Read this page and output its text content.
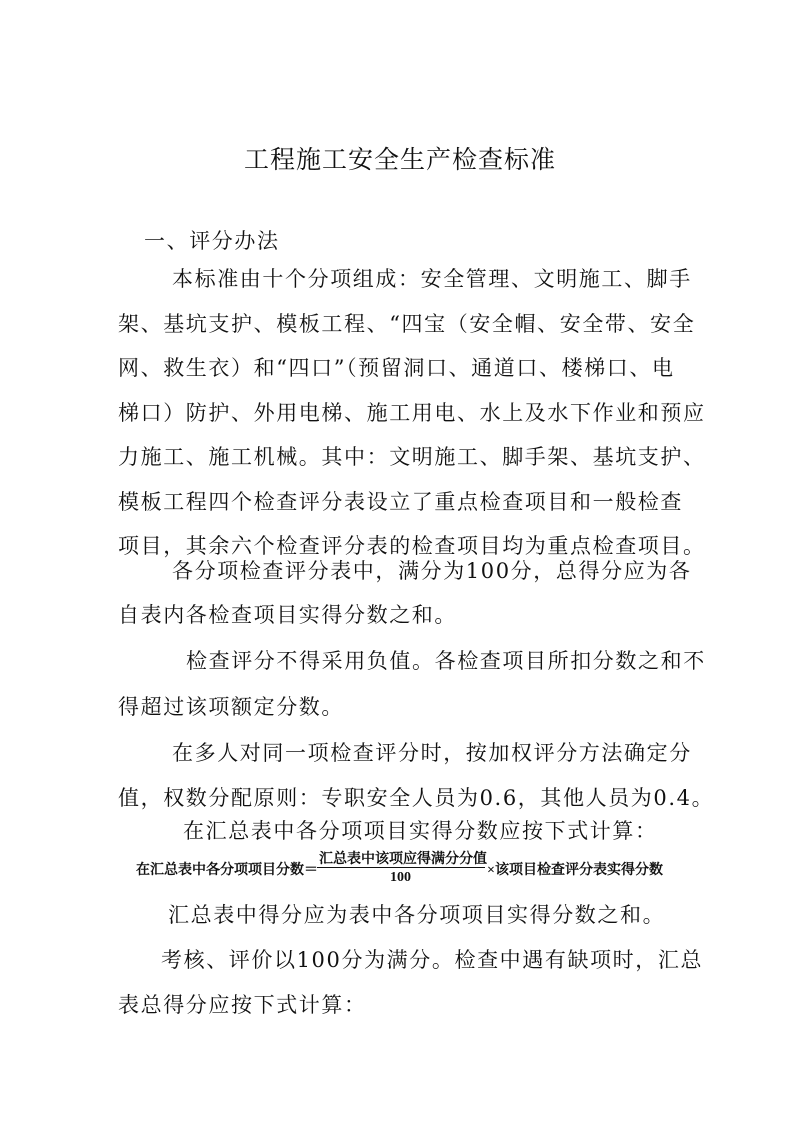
工程施工安全生产检查标准
一、评分办法
本标准由十个分项组成：安全管理、文明施工、脚手
架、基坑支护、模板工程、“四宝（安全帽、安全带、安全
网、救生衣）和“四口”（预留洞口、通道口、楼梯口、电
梯口）防护、外用电梯、施工用电、水上及水下作业和预应
力施工、施工机械。其中：文明施工、脚手架、基坑支护、
模板工程四个检查评分表设立了重点检查项目和一般检查
项目，其余六个检查评分表的检查项目均为重点检查项目。
各分项检查评分表中，满分为100分，总得分应为各
自表内各检查项目实得分数之和。
检查评分不得采用负值。各检查项目所扣分数之和不
得超过该项额定分数。
在多人对同一项检查评分时，按加权评分方法确定分
值，权数分配原则：专职安全人员为0.6，其他人员为0.4。
在汇总表中各分项项目实得分数应按下式计算：
在汇总表中各分项项目分数＝
汇总表中该项应得满分分值
100	×该项目检查评分表实得分数
汇总表中得分应为表中各分项项目实得分数之和。
考核、评价以100分为满分。检查中遇有缺项时，汇总
表总得分应按下式计算：
